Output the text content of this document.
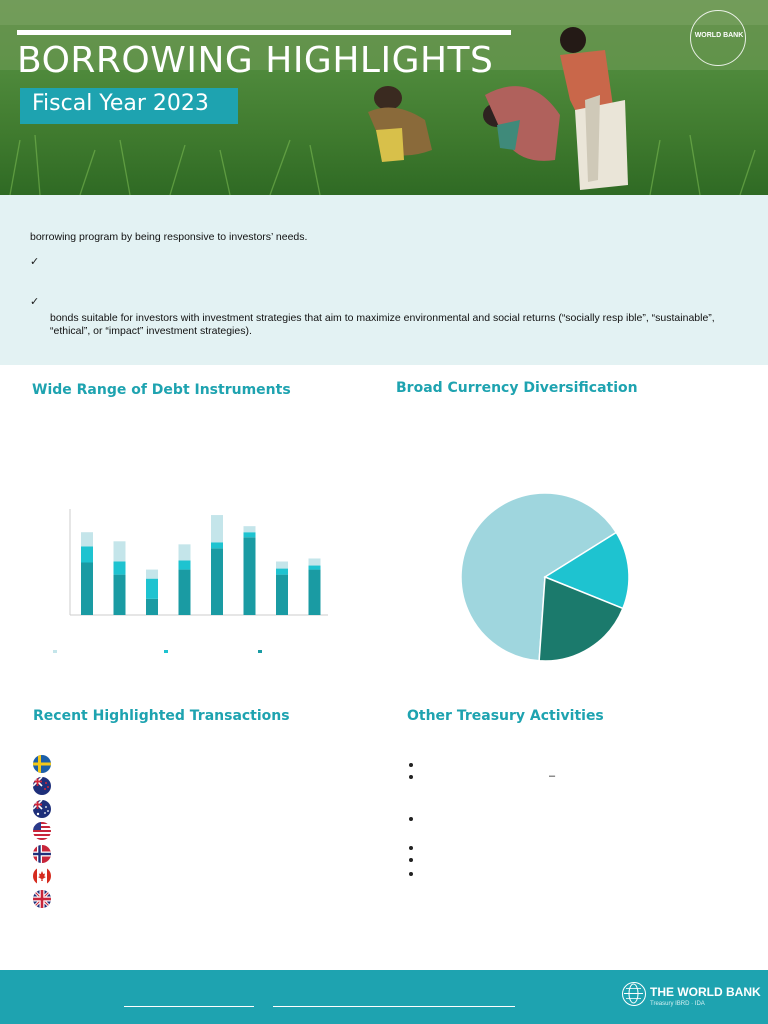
BORROWING HIGHLIGHTS
Fiscal Year 2023
WORLD BANK

borrowing program by being responsive to investors’ needs.

✓
✓

bonds suitable for investors with investment strategies that aim to maximize environmental and social returns (“socially resp ible”, “sustainable”, “ethical”, or “impact” investment strategies).

Wide Range of Debt Instruments	Broad Currency Diversification
Recent Highlighted Transactions	Other Treasury Activities
–
THE WORLD BANK
Treasury IBRD · IDA
